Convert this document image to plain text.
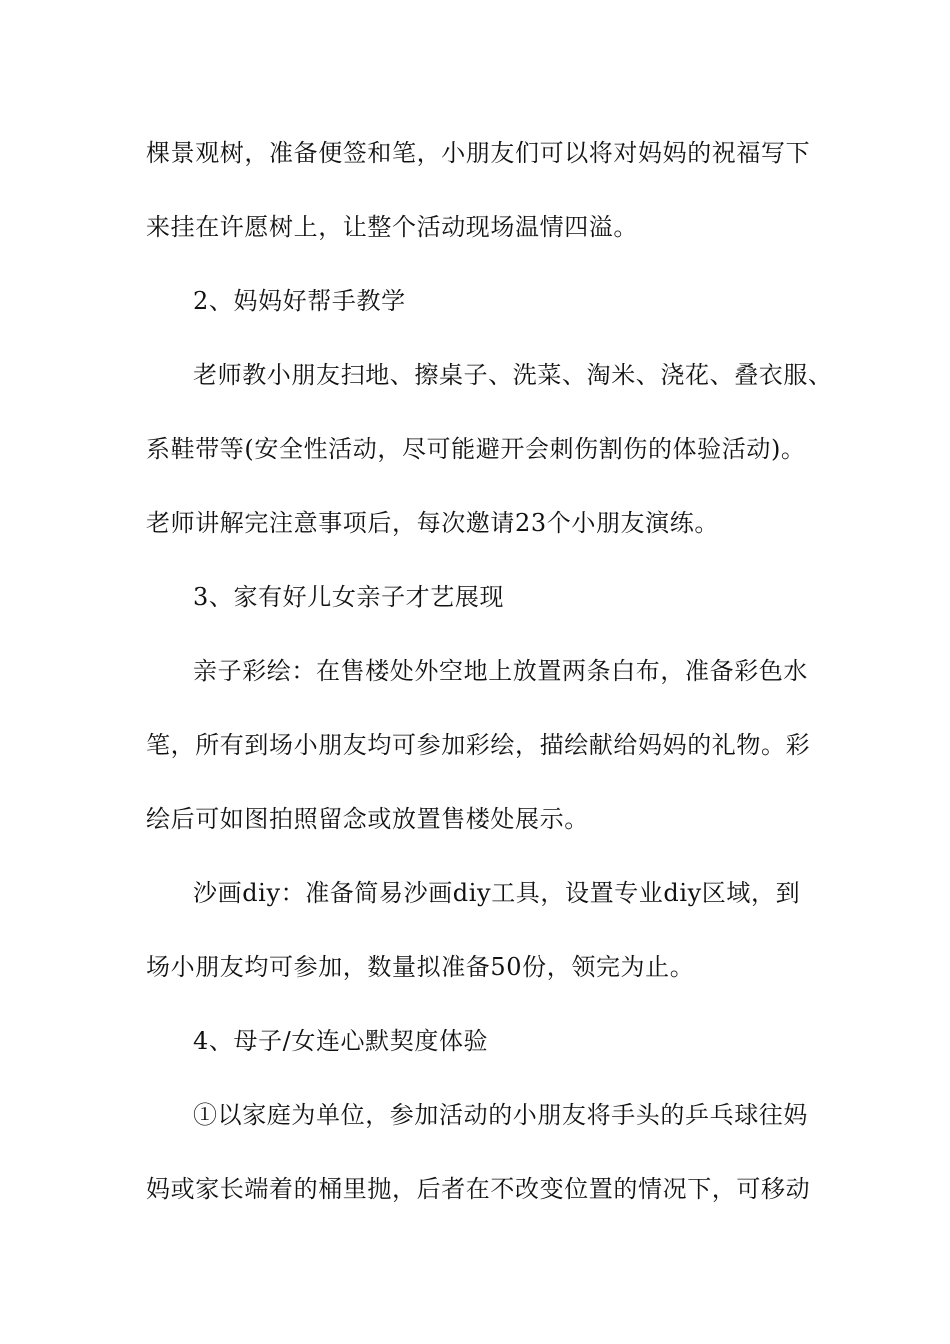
棵景观树，准备便签和笔，小朋友们可以将对妈妈的祝福写下
来挂在许愿树上，让整个活动现场温情四溢。
2、妈妈好帮手教学
老师教小朋友扫地、擦桌子、洗菜、淘米、浇花、叠衣服、
系鞋带等(安全性活动，尽可能避开会刺伤割伤的体验活动)。
老师讲解完注意事项后，每次邀请23个小朋友演练。
3、家有好儿女亲子才艺展现
亲子彩绘：在售楼处外空地上放置两条白布，准备彩色水
笔，所有到场小朋友均可参加彩绘，描绘献给妈妈的礼物。彩
绘后可如图拍照留念或放置售楼处展示。
沙画diy：准备简易沙画diy工具，设置专业diy区域，到
场小朋友均可参加，数量拟准备50份，领完为止。
4、母子/女连心默契度体验
①以家庭为单位，参加活动的小朋友将手头的乒乓球往妈
妈或家长端着的桶里抛，后者在不改变位置的情况下，可移动
